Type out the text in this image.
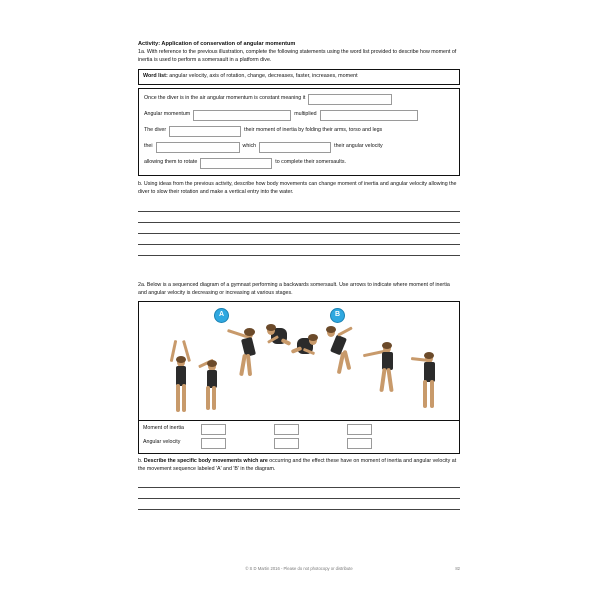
Activity: Application of conservation of angular momentum
1a. With reference to the previous illustration, complete the following statements using the word list provided to describe how moment of inertia is used to perform a somersault in a platform dive.
Word list: angular velocity, axis of rotation, change, decreases, faster, increases, moment
Once the diver is in the air angular momentum is constant meaning it
Angular momentum	multiplied
The diver	their moment of inertia by folding their arms, torso and legs
thei	which	their angular velocity
allowing them to rotate	to complete their somersaults.
b. Using ideas from the previous activity, describe how body movements can change moment of inertia and angular velocity allowing the diver to slow their rotation and make a vertical entry into the water.
2a. Below is a sequenced diagram of a gymnast performing a backwards somersault. Use arrows to indicate where moment of inertia and angular velocity is decreasing or increasing at various stages.
A	B
Moment of inertia
Angular velocity
b. Describe the specific body movements which are occurring and the effect these have on moment of inertia and angular velocity at the movement sequence labeled 'A' and 'B' in the diagram.
© S D Martin 2016 - Please do not photocopy or distribute	82
